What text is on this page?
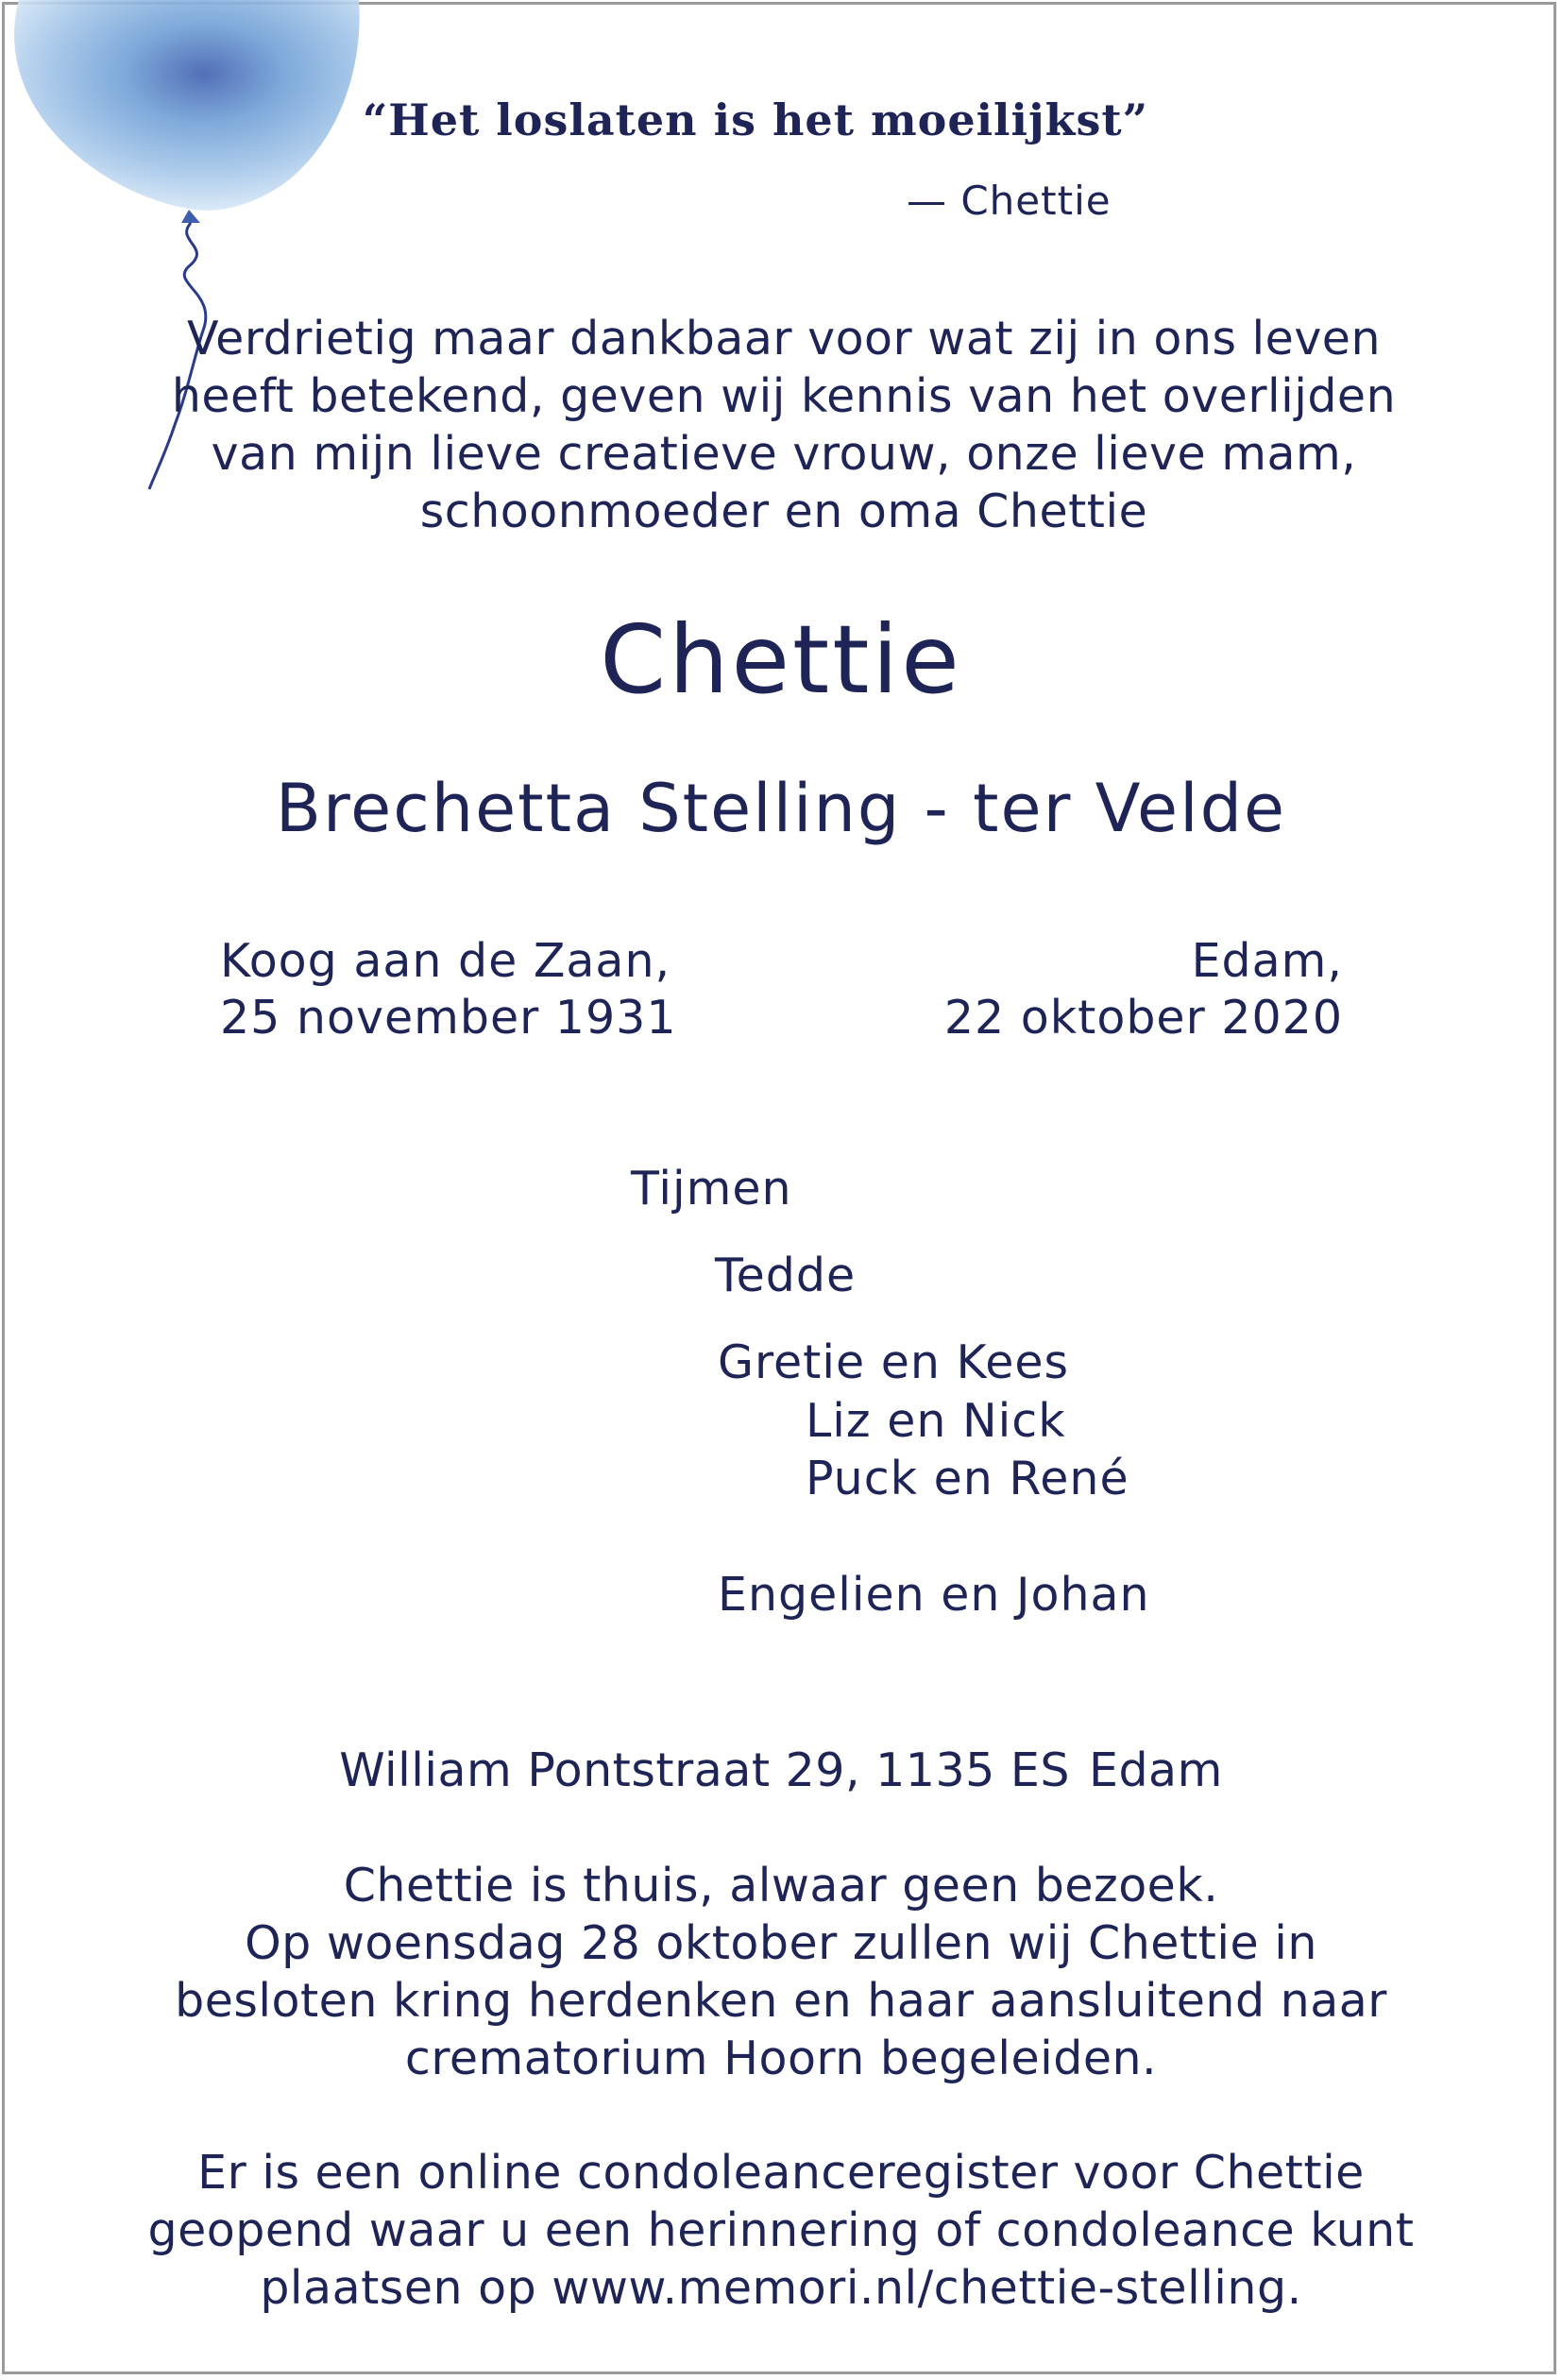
“Het loslaten is het moeilijkst”
— Chettie
Verdrietig maar dankbaar voor wat zij in ons leven
heeft betekend, geven wij kennis van het overlijden
van mijn lieve creatieve vrouw, onze lieve mam,
schoonmoeder en oma Chettie
Chettie
Brechetta Stelling - ter Velde
Koog aan de Zaan,
25 november 1931
Edam,
22 oktober 2020
Tijmen
Tedde
Gretie en Kees
Liz en Nick
Puck en René
Engelien en Johan
William Pontstraat 29, 1135 ES Edam
Chettie is thuis, alwaar geen bezoek.
Op woensdag 28 oktober zullen wij Chettie in
besloten kring herdenken en haar aansluitend naar
crematorium Hoorn begeleiden.
Er is een online condoleanceregister voor Chettie
geopend waar u een herinnering of condoleance kunt
plaatsen op www.memori.nl/chettie-stelling.
